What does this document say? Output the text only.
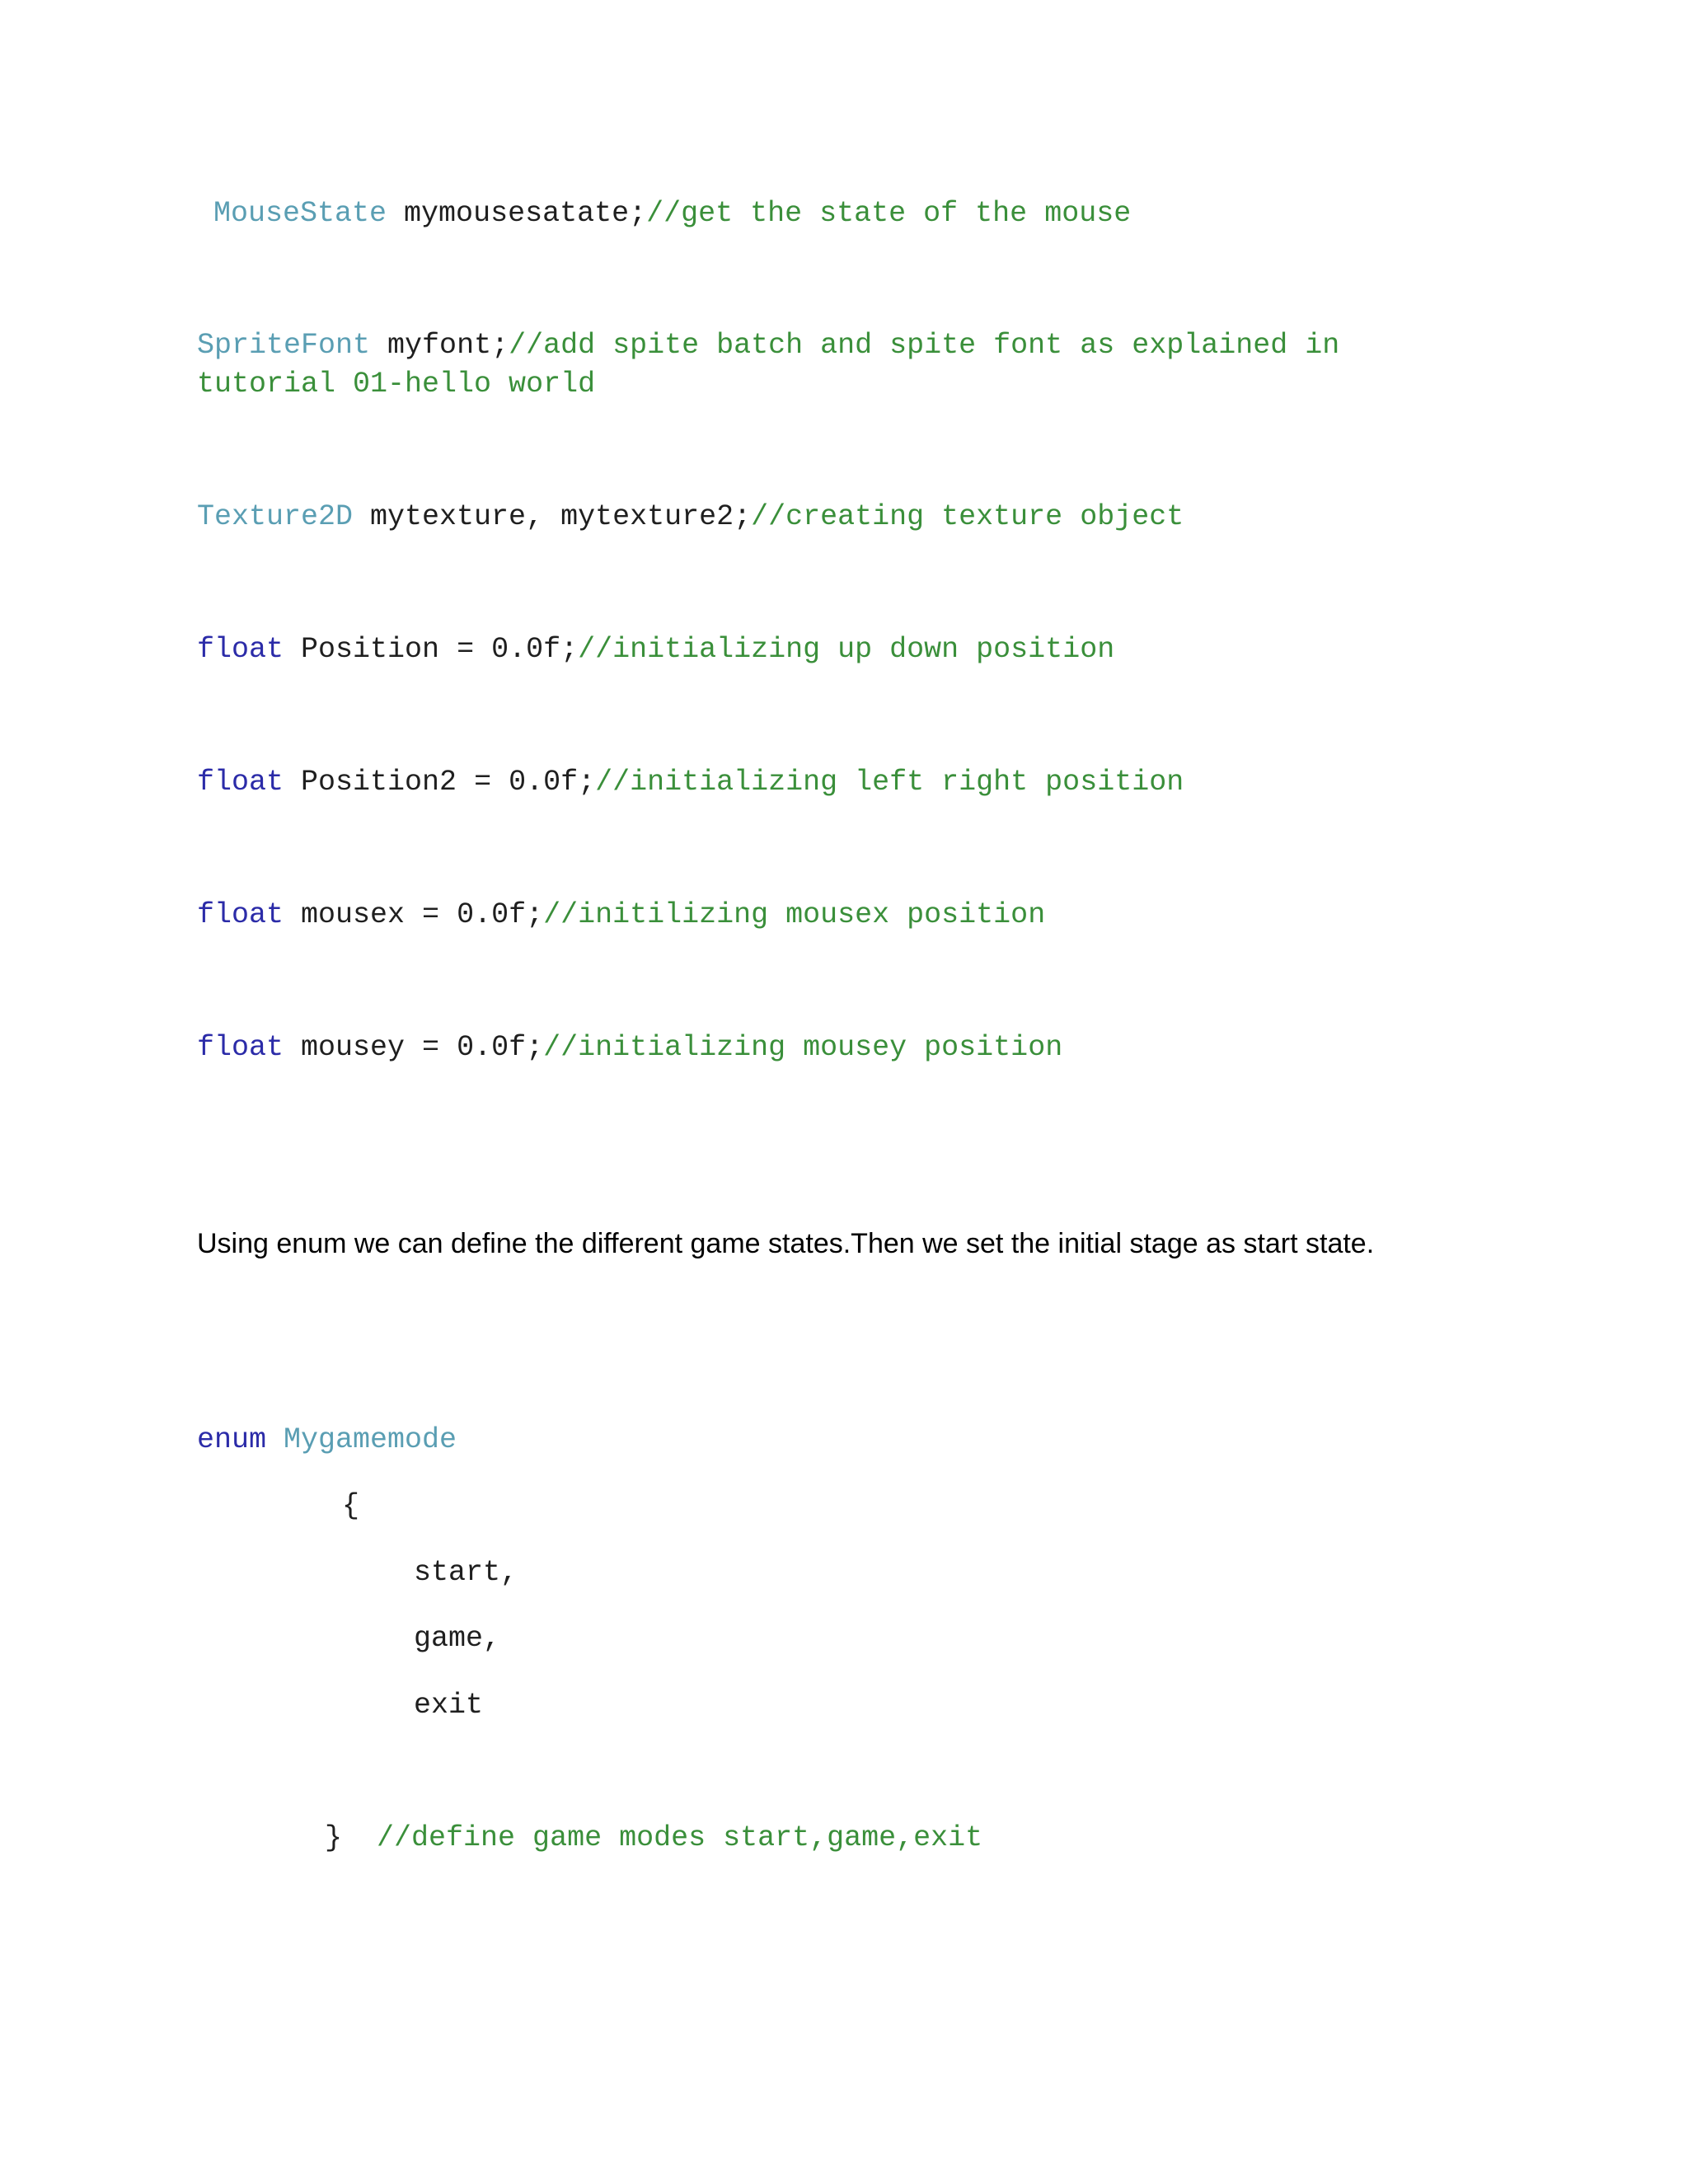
MouseState mymousesatate;//get the state of the mouse

SpriteFont myfont;//add spite batch and spite font as explained in tutorial 01-hello world

Texture2D mytexture, mytexture2;//creating texture object

float Position = 0.0f;//initializing up down position

float Position2 = 0.0f;//initializing left right position

float mousex = 0.0f;//initilizing mousex position

float mousey = 0.0f;//initializing mousey position

Using enum we can define the different game states.Then we set the initial stage as start state.

enum Mygamemode

{

start,

game,

exit

} //define game modes start,game,exit
